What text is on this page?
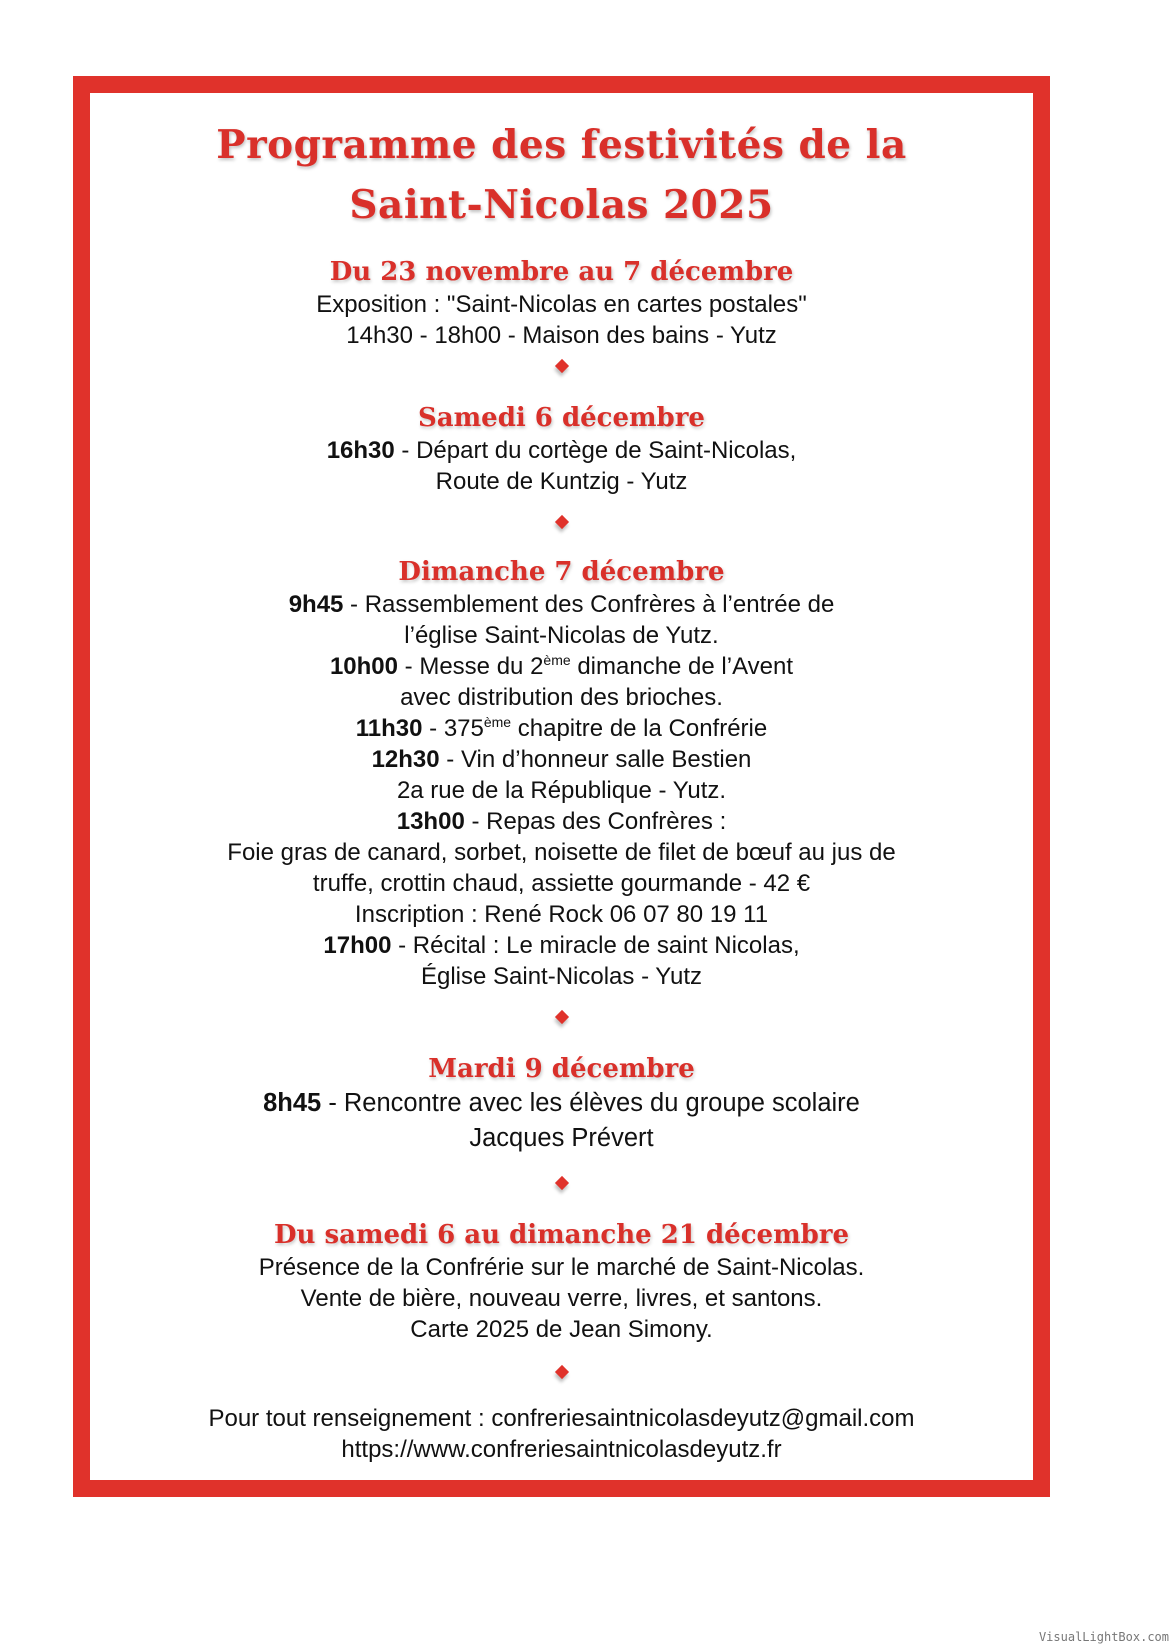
Programme des festivités de la
Saint-Nicolas 2025
Du 23 novembre au 7 décembre
Exposition : "Saint-Nicolas en cartes postales"
14h30 - 18h00 - Maison des bains - Yutz
Samedi 6 décembre
16h30 - Départ du cortège de Saint-Nicolas,
Route de Kuntzig - Yutz
Dimanche 7 décembre
9h45 - Rassemblement des Confrères à l’entrée de
l’église Saint-Nicolas de Yutz.
10h00 - Messe du 2ème dimanche de l’Avent
avec distribution des brioches.
11h30 - 375ème chapitre de la Confrérie
12h30 - Vin d’honneur salle Bestien
2a rue de la République - Yutz.
13h00 - Repas des Confrères :
Foie gras de canard, sorbet, noisette de filet de bœuf au jus de
truffe, crottin chaud, assiette gourmande - 42 €
Inscription : René Rock 06 07 80 19 11
17h00 - Récital : Le miracle de saint Nicolas,
Église Saint-Nicolas - Yutz
Mardi 9 décembre
8h45 - Rencontre avec les élèves du groupe scolaire
Jacques Prévert
Du samedi 6 au dimanche 21 décembre
Présence de la Confrérie sur le marché de Saint-Nicolas.
Vente de bière, nouveau verre, livres, et santons.
Carte 2025 de Jean Simony.
Pour tout renseignement : confreriesaintnicolasdeyutz@gmail.com
https://www.confreriesaintnicolasdeyutz.fr
VisualLightBox.com
